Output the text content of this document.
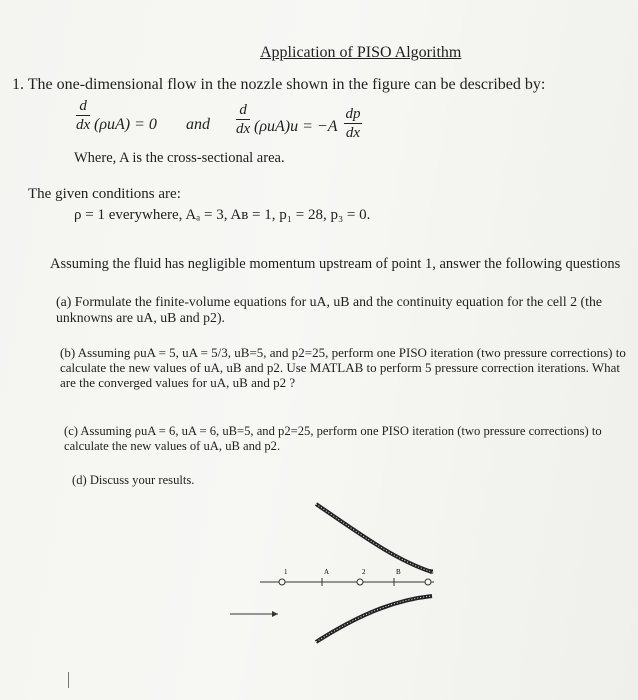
Application of PISO Algorithm
1. The one-dimensional flow in the nozzle shown in the figure can be described by:
d
dx (ρuA) = 0 and
d
dx (ρuA)u = −A
dp
dx
Where, A is the cross-sectional area.
The given conditions are:
ρ = 1 everywhere, Aₐ = 3, Aʙ = 1, p₁ = 28, p₃ = 0.
Assuming the fluid has negligible momentum upstream of point 1, answer the following questions
(a) Formulate the finite-volume equations for uA, uB and the continuity equation for the cell 2 (the unknowns are uA, uB and p2).
(b) Assuming ρuA = 5, uA = 5/3, uB=5, and p2=25, perform one PISO iteration (two pressure corrections) to calculate the new values of uA, uB and p2. Use MATLAB to perform 5 pressure correction iterations. What are the converged values for uA, uB and p2 ?
(c) Assuming ρuA = 6, uA = 6, uB=5, and p2=25, perform one PISO iteration (two pressure corrections) to calculate the new values of uA, uB and p2.
(d) Discuss your results.
1	A	2	B	3
